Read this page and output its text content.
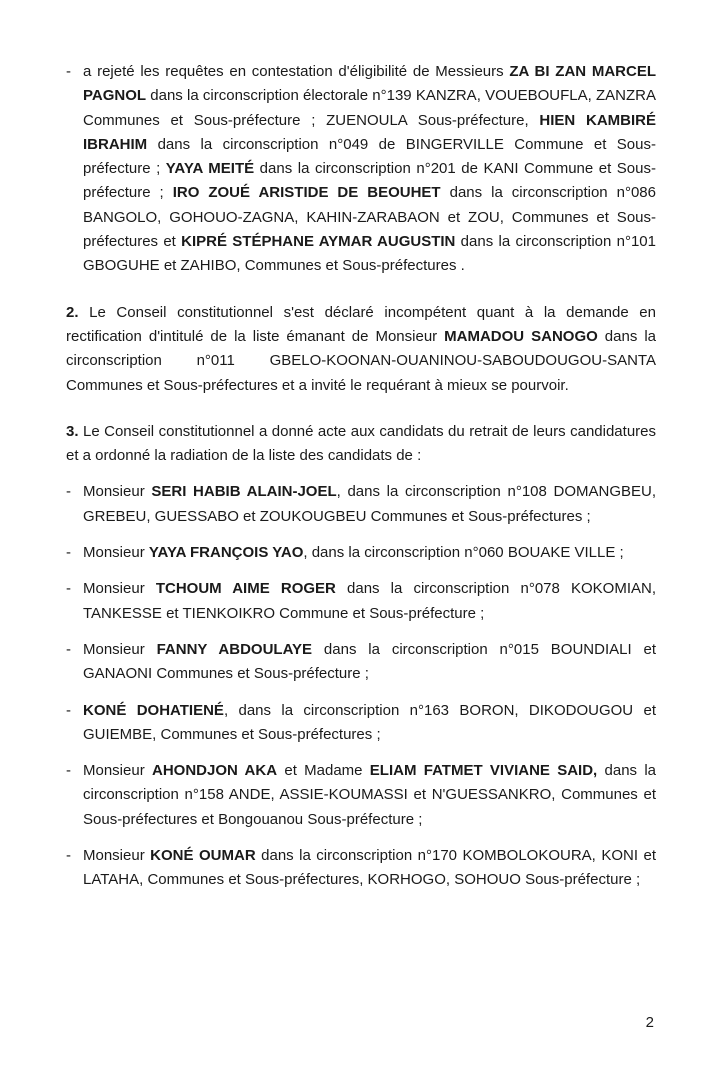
- a rejeté les requêtes en contestation d'éligibilité de Messieurs ZA BI ZAN MARCEL PAGNOL dans la circonscription électorale n°139 KANZRA, VOUEBOUFLA, ZANZRA Communes et Sous-préfecture ; ZUENOULA Sous-préfecture, HIEN KAMBIRÉ IBRAHIM dans la circonscription n°049 de BINGERVILLE Commune et Sous-préfecture ; YAYA MEITÉ dans la circonscription n°201 de KANI Commune et Sous-préfecture ; IRO ZOUÉ ARISTIDE DE BEOUHET dans la circonscription n°086 BANGOLO, GOHOUO-ZAGNA, KAHIN-ZARABAON et ZOU, Communes et Sous-préfectures et KIPRÉ STÉPHANE AYMAR AUGUSTIN dans la circonscription n°101 GBOGUHE et ZAHIBO, Communes et Sous-préfectures .

2. Le Conseil constitutionnel s'est déclaré incompétent quant à la demande en rectification d'intitulé de la liste émanant de Monsieur MAMADOU SANOGO dans la circonscription n°011 GBELO-KOONAN-OUANINOU-SABOUDOUGOU-SANTA Communes et Sous-préfectures et a invité le requérant à mieux se pourvoir.

3. Le Conseil constitutionnel a donné acte aux candidats du retrait de leurs candidatures et a ordonné la radiation de la liste des candidats de :

- Monsieur SERI HABIB ALAIN-JOEL, dans la circonscription n°108 DOMANGBEU, GREBEU, GUESSABO et ZOUKOUGBEU Communes et Sous-préfectures ;

- Monsieur YAYA FRANÇOIS YAO, dans la circonscription n°060 BOUAKE VILLE ;

- Monsieur TCHOUM AIME ROGER dans la circonscription n°078 KOKOMIAN, TANKESSE et TIENKOIKRO Commune et Sous-préfecture ;

- Monsieur FANNY ABDOULAYE dans la circonscription n°015 BOUNDIALI et GANAONI Communes et Sous-préfecture ;

- KONÉ DOHATIENÉ, dans la circonscription n°163 BORON, DIKODOUGOU et GUIEMBE, Communes et Sous-préfectures ;

- Monsieur AHONDJON AKA et Madame ELIAM FATMET VIVIANE SAID, dans la circonscription n°158 ANDE, ASSIE-KOUMASSI et N'GUESSANKRO, Communes et Sous-préfectures et Bongouanou Sous-préfecture ;

- Monsieur KONÉ OUMAR dans la circonscription n°170 KOMBOLOKOURA, KONI et LATAHA, Communes et Sous-préfectures, KORHOGO, SOHOUO Sous-préfecture ;

2
